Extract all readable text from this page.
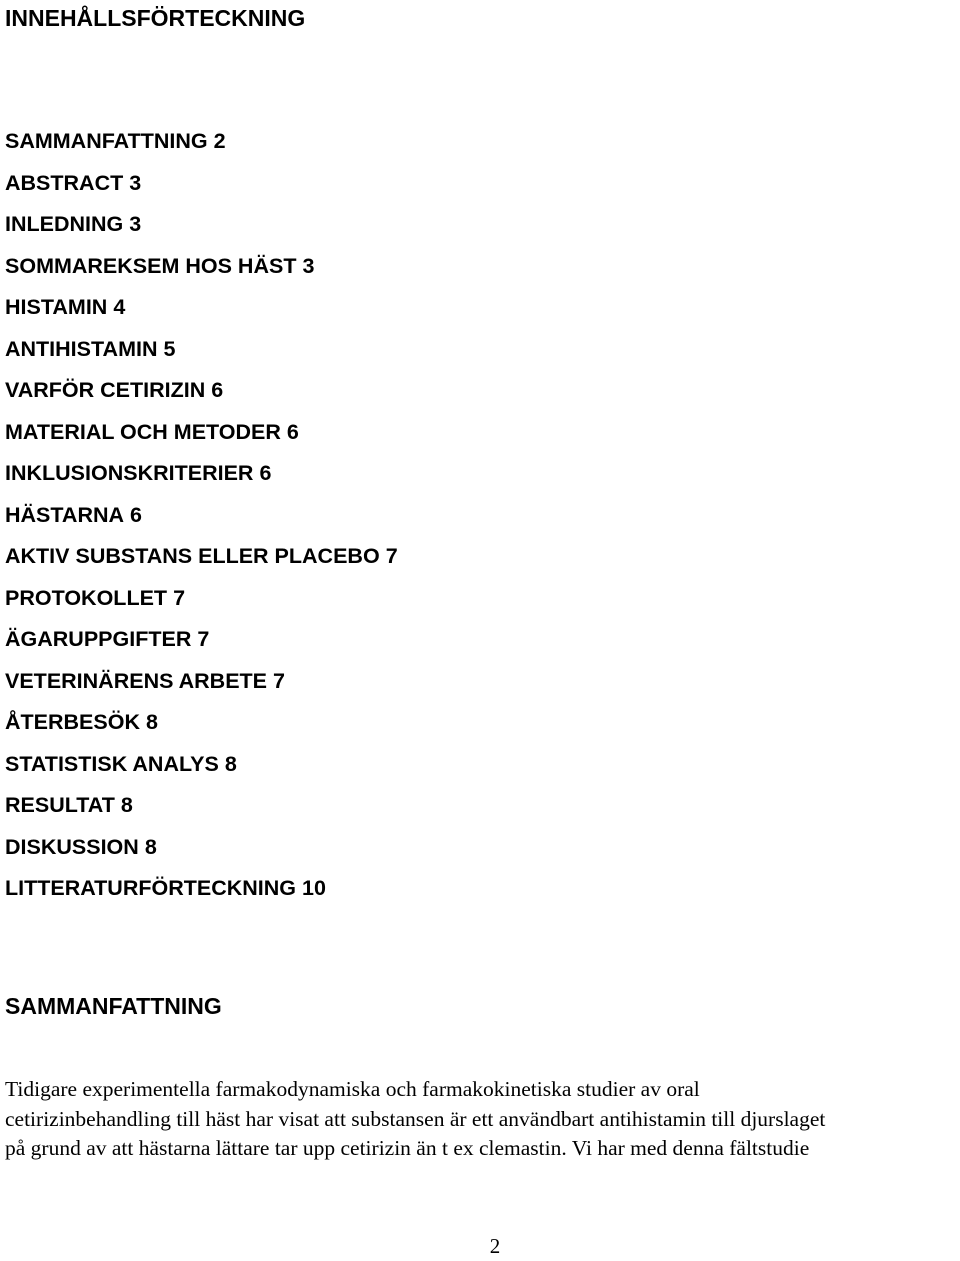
INNEHÅLLSFÖRTECKNING
SAMMANFATTNING 2
ABSTRACT 3
INLEDNING 3
SOMMAREKSEM HOS HÄST 3
HISTAMIN 4
ANTIHISTAMIN 5
VARFÖR CETIRIZIN 6
MATERIAL OCH METODER 6
INKLUSIONSKRITERIER 6
HÄSTARNA 6
AKTIV SUBSTANS ELLER PLACEBO 7
PROTOKOLLET 7
ÄGARUPPGIFTER 7
VETERINÄRENS ARBETE 7
ÅTERBESÖK 8
STATISTISK ANALYS 8
RESULTAT 8
DISKUSSION 8
LITTERATURFÖRTECKNING 10
SAMMANFATTNING

Tidigare experimentella farmakodynamiska och farmakokinetiska studier av oral
cetirizinbehandling till häst har visat att substansen är ett användbart antihistamin till djurslaget
på grund av att hästarna lättare tar upp cetirizin än t ex clemastin. Vi har med denna fältstudie

2
